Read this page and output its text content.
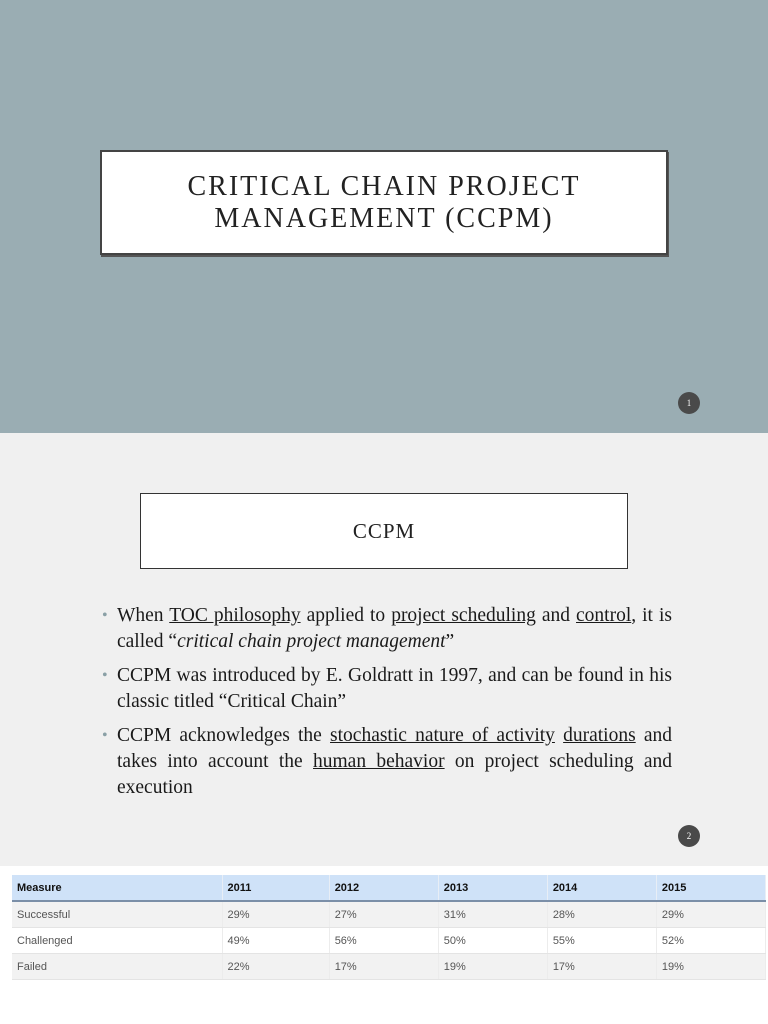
CRITICAL CHAIN PROJECT
MANAGEMENT (CCPM)
1
CCPM
• When TOC philosophy applied to project scheduling and control, it is called “critical chain project management”
• CCPM was introduced by E. Goldratt in 1997, and can be found in his classic titled “Critical Chain”
• CCPM acknowledges the stochastic nature of activity durations and takes into account the human behavior on project scheduling and execution
2
Measure	2011	2012	2013	2014	2015
Successful	29%	27%	31%	28%	29%
Challenged	49%	56%	50%	55%	52%
Failed	22%	17%	19%	17%	19%
